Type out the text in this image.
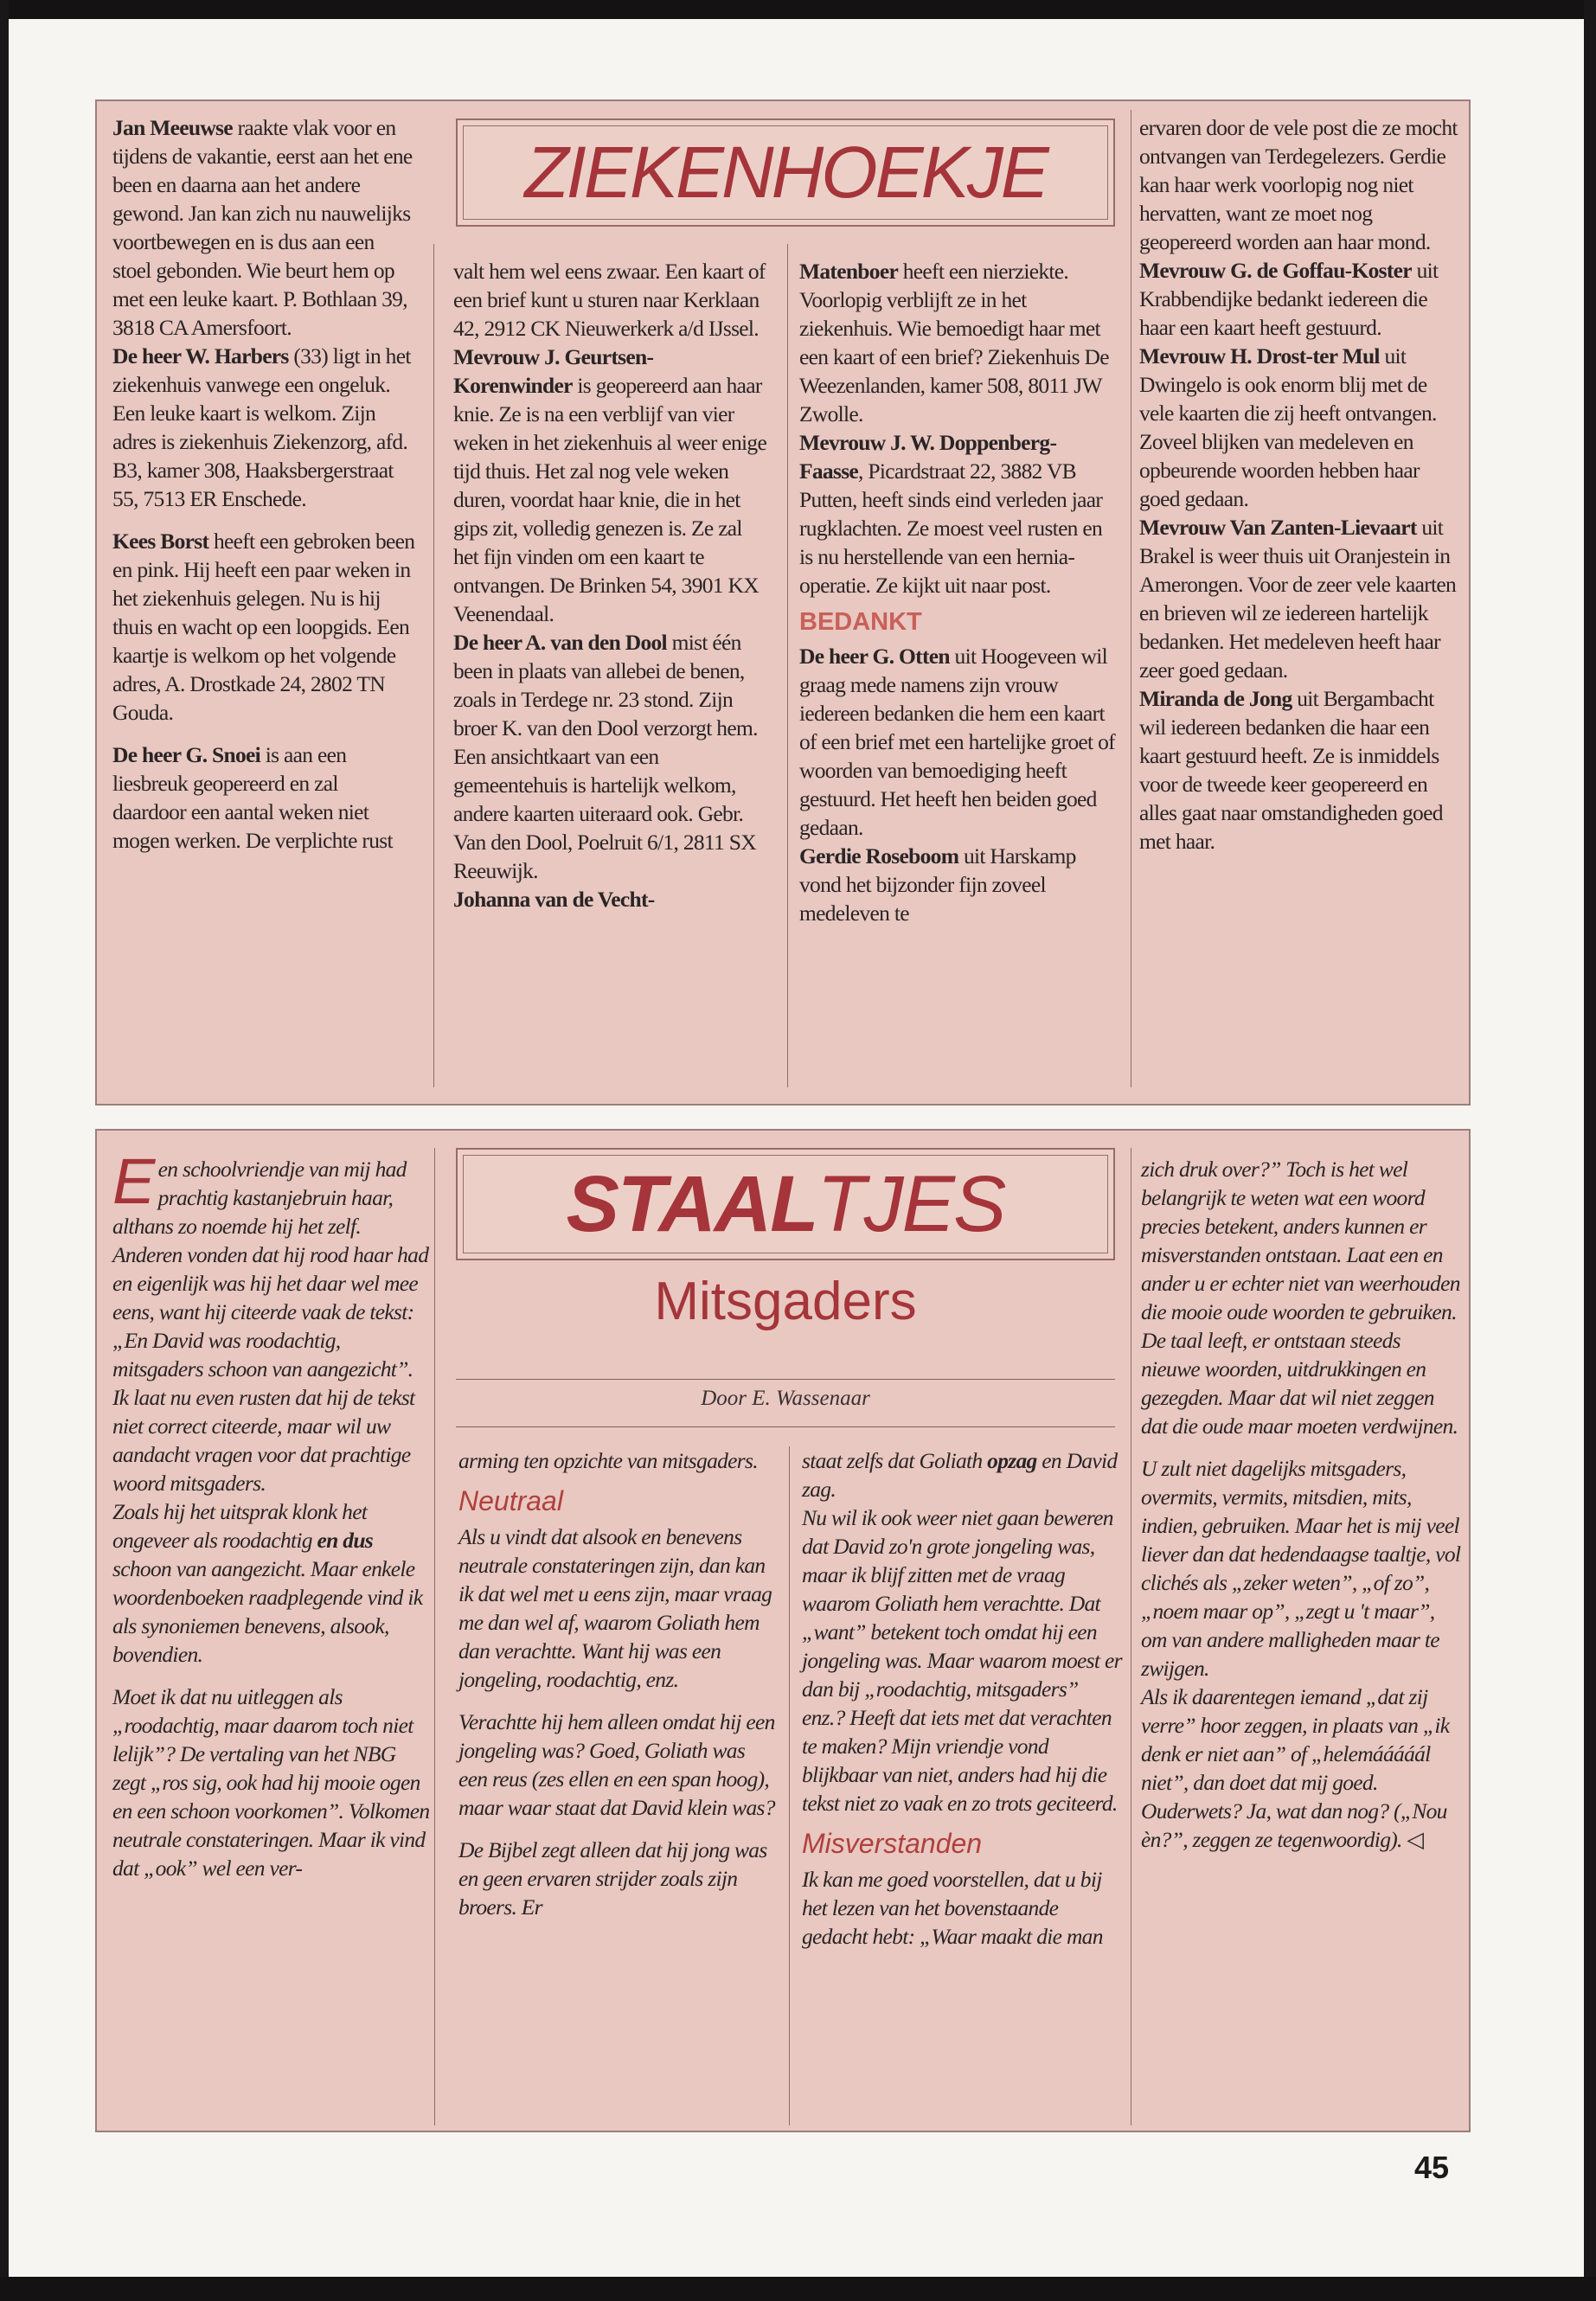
ZIEKENHOEKJE

Jan Meeuwse raakte vlak voor en tijdens de vakantie, eerst aan het ene been en daarna aan het andere gewond. Jan kan zich nu nauwelijks voortbewegen en is dus aan een stoel gebonden. Wie beurt hem op met een leuke kaart. P. Bothlaan 39, 3818 CA Amersfoort.

De heer W. Harbers (33) ligt in het ziekenhuis vanwege een ongeluk. Een leuke kaart is welkom. Zijn adres is ziekenhuis Ziekenzorg, afd. B3, kamer 308, Haaksbergerstraat 55, 7513 ER Enschede.

Kees Borst heeft een gebroken been en pink. Hij heeft een paar weken in het ziekenhuis gelegen. Nu is hij thuis en wacht op een loopgids. Een kaartje is welkom op het volgende adres, A. Drostkade 24, 2802 TN Gouda.

De heer G. Snoei is aan een liesbreuk geopereerd en zal daardoor een aantal weken niet mogen werken. De verplichte rust

valt hem wel eens zwaar. Een kaart of een brief kunt u sturen naar Kerklaan 42, 2912 CK Nieuwerkerk a/d IJssel.

Mevrouw J. Geurtsen-Korenwinder is geopereerd aan haar knie. Ze is na een verblijf van vier weken in het ziekenhuis al weer enige tijd thuis. Het zal nog vele weken duren, voordat haar knie, die in het gips zit, volledig genezen is. Ze zal het fijn vinden om een kaart te ontvangen. De Brinken 54, 3901 KX Veenendaal.

De heer A. van den Dool mist één been in plaats van allebei de benen, zoals in Terdege nr. 23 stond. Zijn broer K. van den Dool verzorgt hem. Een ansichtkaart van een gemeentehuis is hartelijk welkom, andere kaarten uiteraard ook. Gebr. Van den Dool, Poelruit 6/1, 2811 SX Reeuwijk.

Johanna van de Vecht-

Matenboer heeft een nierziekte. Voorlopig verblijft ze in het ziekenhuis. Wie bemoedigt haar met een kaart of een brief? Ziekenhuis De Weezenlanden, kamer 508, 8011 JW Zwolle.

Mevrouw J. W. Doppenberg-Faasse, Picardstraat 22, 3882 VB Putten, heeft sinds eind verleden jaar rugklachten. Ze moest veel rusten en is nu herstellende van een hernia-operatie. Ze kijkt uit naar post.

BEDANKT

De heer G. Otten uit Hoogeveen wil graag mede namens zijn vrouw iedereen bedanken die hem een kaart of een brief met een hartelijke groet of woorden van bemoediging heeft gestuurd. Het heeft hen beiden goed gedaan.

Gerdie Roseboom uit Harskamp vond het bijzonder fijn zoveel medeleven te

ervaren door de vele post die ze mocht ontvangen van Terdegelezers. Gerdie kan haar werk voorlopig nog niet hervatten, want ze moet nog geopereerd worden aan haar mond.

Mevrouw G. de Goffau-Koster uit Krabbendijke bedankt iedereen die haar een kaart heeft gestuurd.

Mevrouw H. Drost-ter Mul uit Dwingelo is ook enorm blij met de vele kaarten die zij heeft ontvangen. Zoveel blijken van medeleven en opbeurende woorden hebben haar goed gedaan.

Mevrouw Van Zanten-Lievaart uit Brakel is weer thuis uit Oranjestein in Amerongen. Voor de zeer vele kaarten en brieven wil ze iedereen hartelijk bedanken. Het medeleven heeft haar zeer goed gedaan.

Miranda de Jong uit Bergambacht wil iedereen bedanken die haar een kaart gestuurd heeft. Ze is inmiddels voor de tweede keer geopereerd en alles gaat naar omstandigheden goed met haar.

STAALTJES
Mitsgaders
Door E. Wassenaar

Een schoolvriendje van mij had prachtig kastanjebruin haar, althans zo noemde hij het zelf. Anderen vonden dat hij rood haar had en eigenlijk was hij het daar wel mee eens, want hij citeerde vaak de tekst: „En David was roodachtig, mitsgaders schoon van aangezicht”. Ik laat nu even rusten dat hij de tekst niet correct citeerde, maar wil uw aandacht vragen voor dat prachtige woord mitsgaders.

Zoals hij het uitsprak klonk het ongeveer als roodachtig en dus schoon van aangezicht. Maar enkele woordenboeken raadplegende vind ik als synoniemen benevens, alsook, bovendien.

Moet ik dat nu uitleggen als „roodachtig, maar daarom toch niet lelijk”? De vertaling van het NBG zegt „ros sig, ook had hij mooie ogen en een schoon voorkomen”. Volkomen neutrale constateringen. Maar ik vind dat „ook” wel een ver-

arming ten opzichte van mitsgaders.

Neutraal

Als u vindt dat alsook en benevens neutrale constateringen zijn, dan kan ik dat wel met u eens zijn, maar vraag me dan wel af, waarom Goliath hem dan verachtte. Want hij was een jongeling, roodachtig, enz.

Verachtte hij hem alleen omdat hij een jongeling was? Goed, Goliath was een reus (zes ellen en een span hoog), maar waar staat dat David klein was?

De Bijbel zegt alleen dat hij jong was en geen ervaren strijder zoals zijn broers. Er

staat zelfs dat Goliath opzag en David zag.

Nu wil ik ook weer niet gaan beweren dat David zo'n grote jongeling was, maar ik blijf zitten met de vraag waarom Goliath hem verachtte. Dat „want” betekent toch omdat hij een jongeling was. Maar waarom moest er dan bij „roodachtig, mitsgaders” enz.? Heeft dat iets met dat verachten te maken? Mijn vriendje vond blijkbaar van niet, anders had hij die tekst niet zo vaak en zo trots geciteerd.

Misverstanden

Ik kan me goed voorstellen, dat u bij het lezen van het bovenstaande gedacht hebt: „Waar maakt die man

zich druk over?” Toch is het wel belangrijk te weten wat een woord precies betekent, anders kunnen er misverstanden ontstaan. Laat een en ander u er echter niet van weerhouden die mooie oude woorden te gebruiken. De taal leeft, er ontstaan steeds nieuwe woorden, uitdrukkingen en gezegden. Maar dat wil niet zeggen dat die oude maar moeten verdwijnen.

U zult niet dagelijks mitsgaders, overmits, vermits, mitsdien, mits, indien, gebruiken. Maar het is mij veel liever dan dat hedendaagse taaltje, vol clichés als „zeker weten”, „of zo”, „noem maar op”, „zegt u 't maar”, om van andere malligheden maar te zwijgen.

Als ik daarentegen iemand „dat zij verre” hoor zeggen, in plaats van „ik denk er niet aan” of „helemááááál niet”, dan doet dat mij goed. Ouderwets? Ja, wat dan nog? („Nou èn?”, zeggen ze tegenwoordig). ◁

45
